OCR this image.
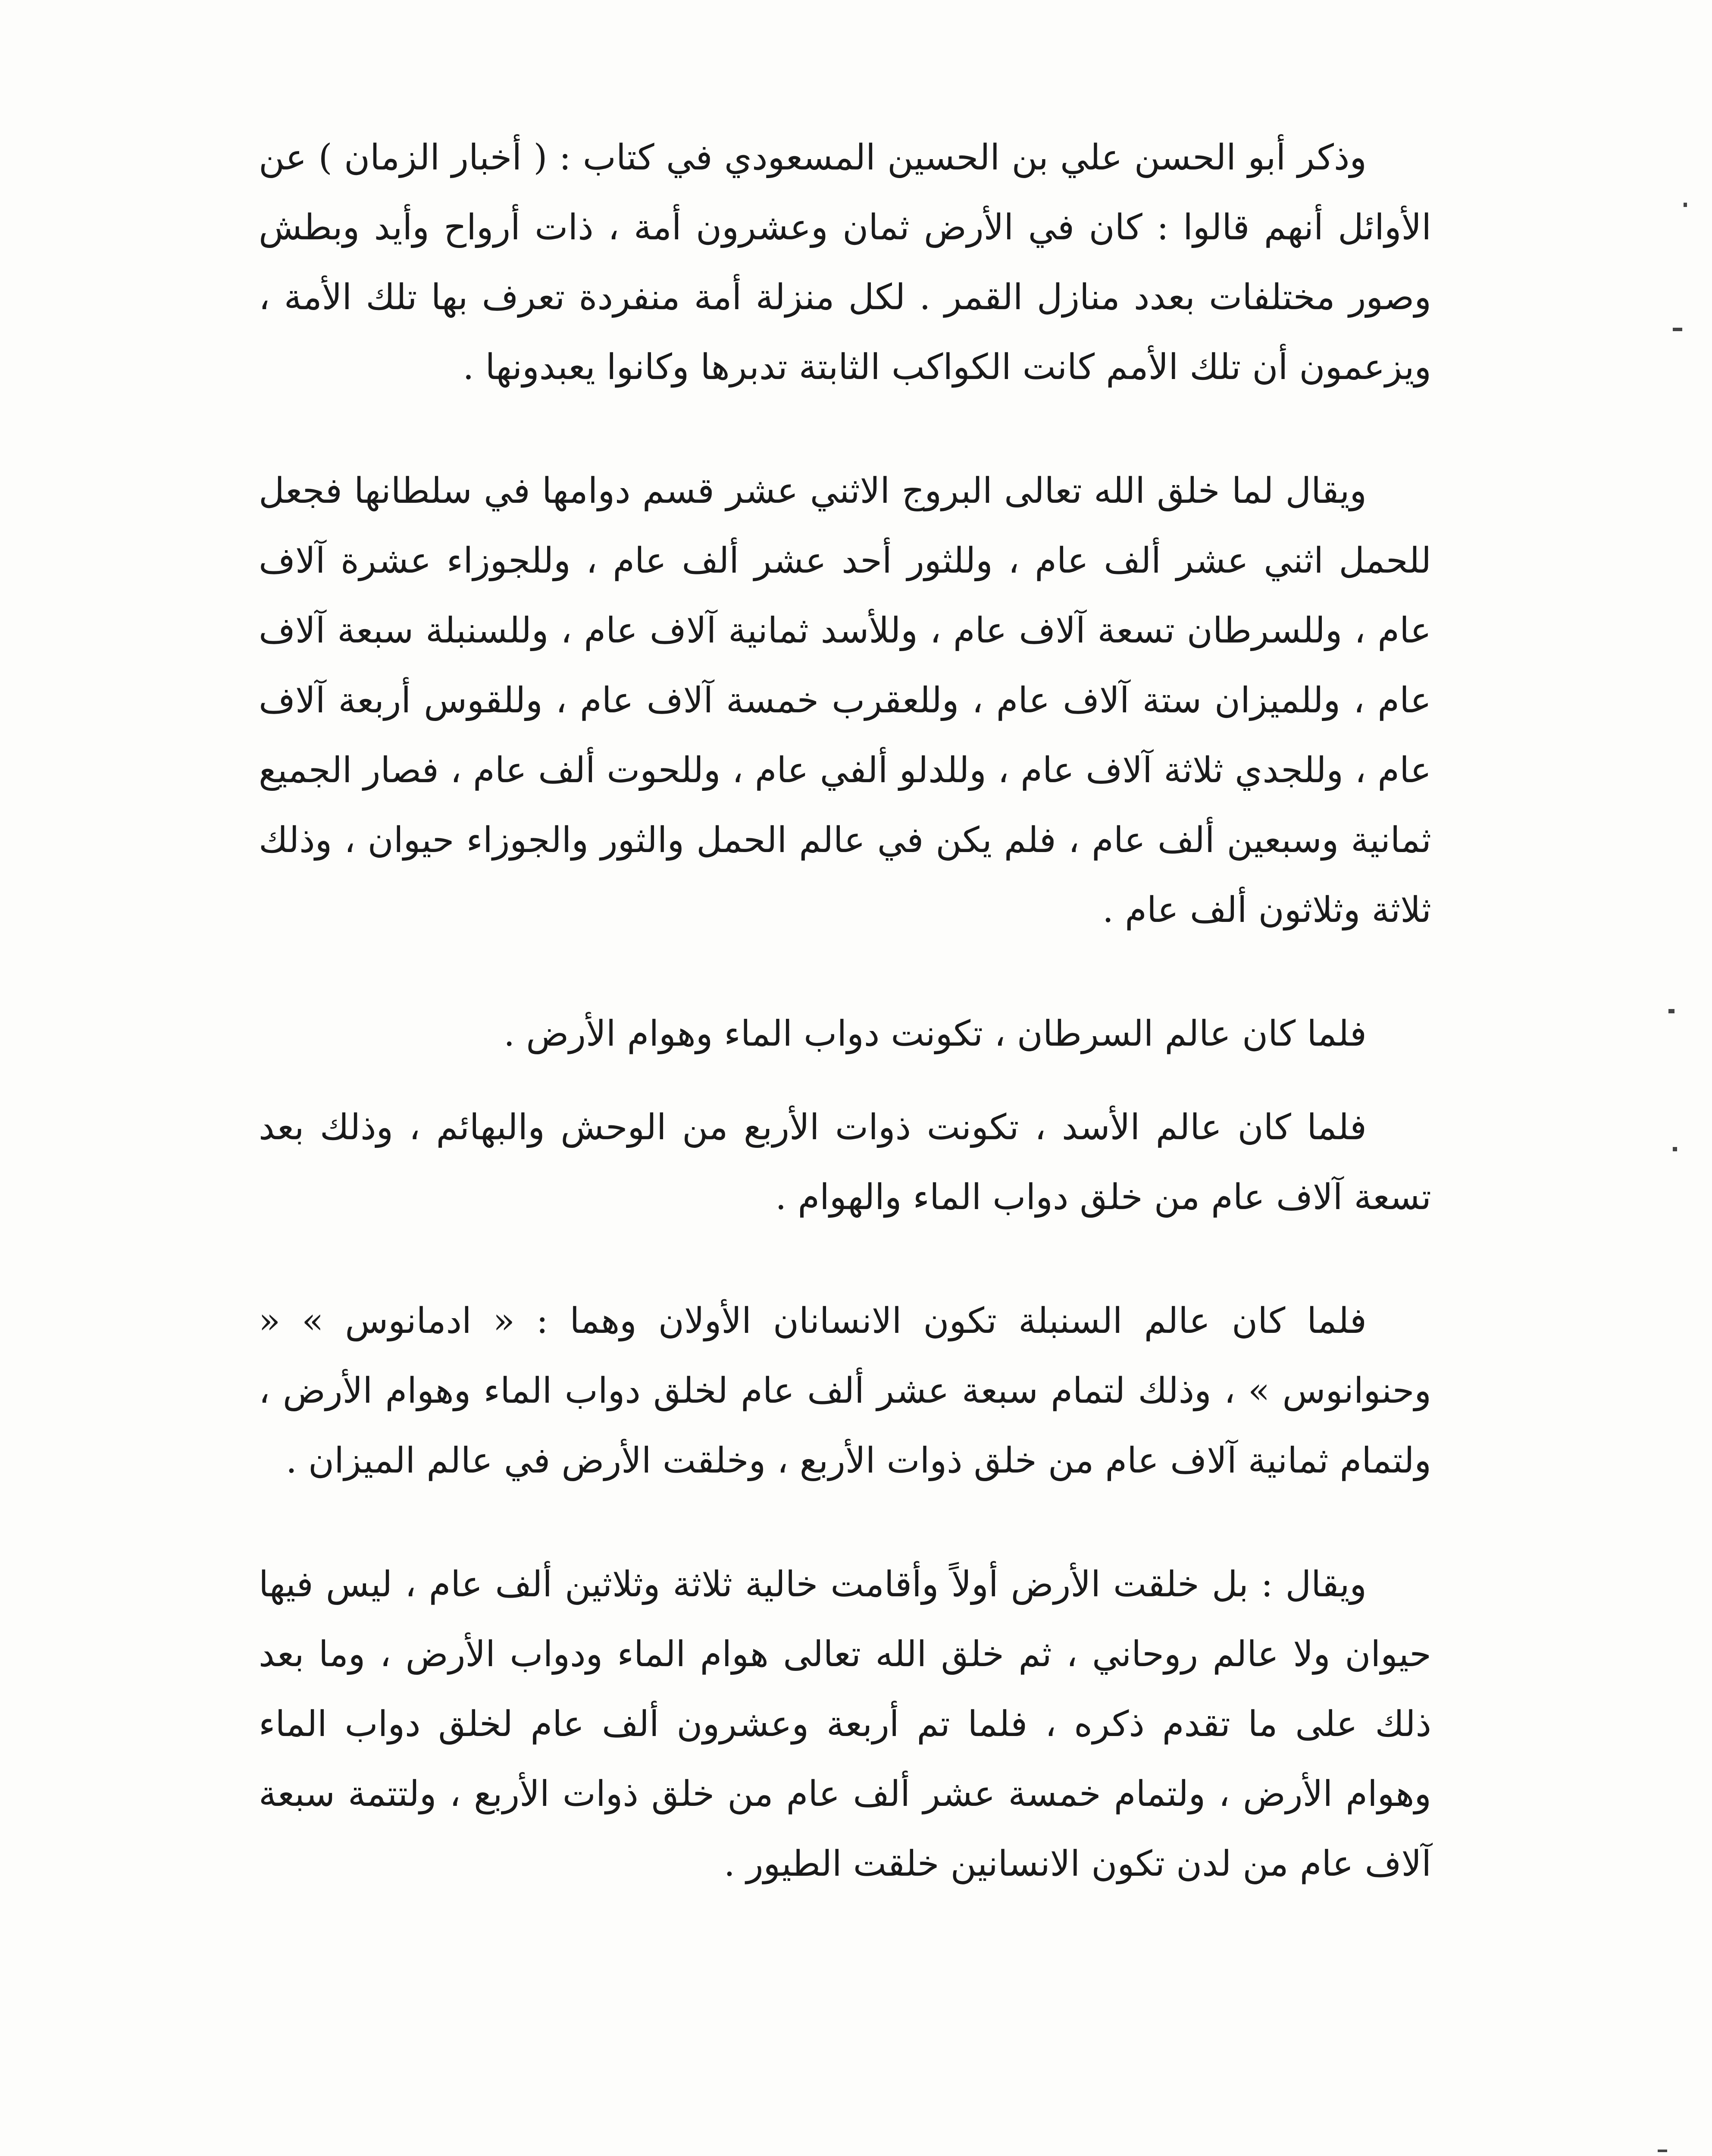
وذكر أبو الحسن علي بن الحسين المسعودي في كتاب : ( أخبار الزمان ) عن الأوائل أنهم قالوا : كان في الأرض ثمان وعشرون أمة ، ذات أرواح وأيد وبطش وصور مختلفات بعدد منازل القمر . لكل منزلة أمة منفردة تعرف بها تلك الأمة ، ويزعمون أن تلك الأمم كانت الكواكب الثابتة تدبرها وكانوا يعبدونها .

ويقال لما خلق الله تعالى البروج الاثني عشر قسم دوامها في سلطانها فجعل للحمل اثني عشر ألف عام ، وللثور أحد عشر ألف عام ، وللجوزاء عشرة آلاف عام ، وللسرطان تسعة آلاف عام ، وللأسد ثمانية آلاف عام ، وللسنبلة سبعة آلاف عام ، وللميزان ستة آلاف عام ، وللعقرب خمسة آلاف عام ، وللقوس أربعة آلاف عام ، وللجدي ثلاثة آلاف عام ، وللدلو ألفي عام ، وللحوت ألف عام ، فصار الجميع ثمانية وسبعين ألف عام ، فلم يكن في عالم الحمل والثور والجوزاء حيوان ، وذلك ثلاثة وثلاثون ألف عام .

فلما كان عالم السرطان ، تكونت دواب الماء وهوام الأرض .

فلما كان عالم الأسد ، تكونت ذوات الأربع من الوحش والبهائم ، وذلك بعد تسعة آلاف عام من خلق دواب الماء والهوام .

فلما كان عالم السنبلة تكون الانسانان الأولان وهما : « ادمانوس » « وحنوانوس » ، وذلك لتمام سبعة عشر ألف عام لخلق دواب الماء وهوام الأرض ، ولتمام ثمانية آلاف عام من خلق ذوات الأربع ، وخلقت الأرض في عالم الميزان .

ويقال : بل خلقت الأرض أولاً وأقامت خالية ثلاثة وثلاثين ألف عام ، ليس فيها حيوان ولا عالم روحاني ، ثم خلق الله تعالى هوام الماء ودواب الأرض ، وما بعد ذلك على ما تقدم ذكره ، فلما تم أربعة وعشرون ألف عام لخلق دواب الماء وهوام الأرض ، ولتمام خمسة عشر ألف عام من خلق ذوات الأربع ، ولتتمة سبعة آلاف عام من لدن تكون الانسانين خلقت الطيور .
